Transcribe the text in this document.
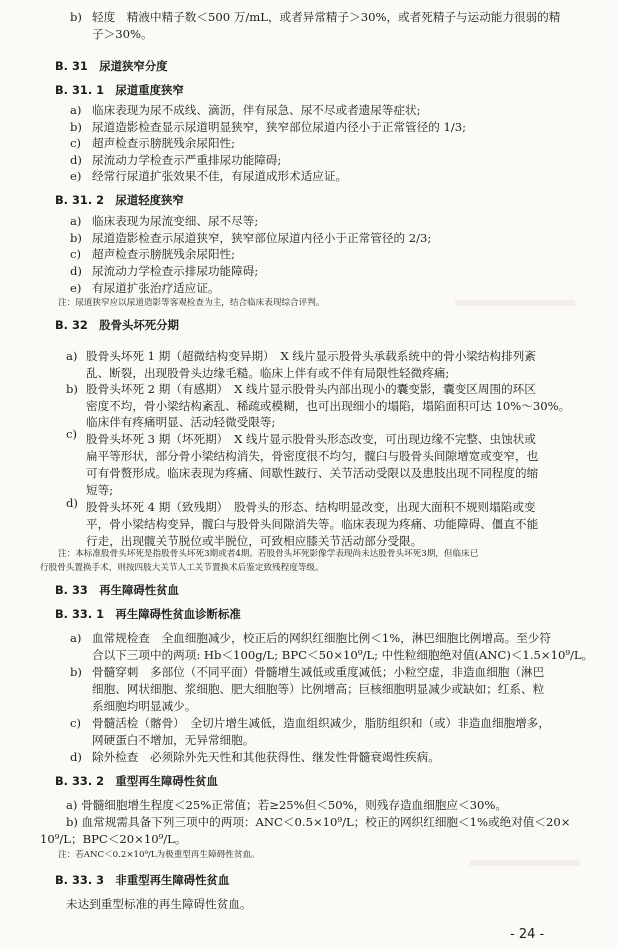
轻度　精液中精子数＜500 万/mL，或者异常精子＞30%，或者死精子与运动能力很弱的精
子＞30%。
B. 31　尿道狭窄分度
B. 31. 1　尿道重度狭窄
临床表现为尿不成线、滴沥，伴有尿急、尿不尽或者遗尿等症状;
尿道造影检查显示尿道明显狭窄，狭窄部位尿道内径小于正常管径的 1/3;
超声检查示膀胱残余尿阳性;
尿流动力学检查示严重排尿功能障碍;
经常行尿道扩张效果不佳，有尿道成形术适应证。
B. 31. 2　尿道轻度狭窄
临床表现为尿流变细、尿不尽等;
尿道造影检查示尿道狭窄，狭窄部位尿道内径小于正常管径的 2/3;
超声检查示膀胱残余尿阳性;
尿流动力学检查示排尿功能障碍;
有尿道扩张治疗适应证。
注：尿道狭窄应以尿道造影等客观检查为主，结合临床表现综合评判。
B. 32　股骨头坏死分期
股骨头坏死 1 期（超微结构变异期）　X 线片显示股骨头承载系统中的骨小梁结构排列紊
乱、断裂，出现股骨头边缘毛糙。临床上伴有或不伴有局限性轻微疼痛;
股骨头坏死 2 期（有感期）　X 线片显示股骨头内部出现小的囊变影，囊变区周围的环区
密度不均，骨小梁结构紊乱、稀疏或模糊，也可出现细小的塌陷，塌陷面积可达 10%～30%。
临床伴有疼痛明显、活动轻微受限等;
股骨头坏死 3 期（坏死期）　X 线片显示股骨头形态改变，可出现边缘不完整、虫蚀状或
扁平等形状，部分骨小梁结构消失，骨密度很不均匀，髋臼与股骨头间隙增宽或变窄，也
可有骨赘形成。临床表现为疼痛、间歇性跛行、关节活动受限以及患肢出现不同程度的缩
短等;
股骨头坏死 4 期（致残期）　股骨头的形态、结构明显改变，出现大面积不规则塌陷或变
平，骨小梁结构变异，髋臼与股骨头间隙消失等。临床表现为疼痛、功能障碍、僵直不能
行走，出现髋关节脱位或半脱位，可致相应膝关节活动部分受限。
注：本标准股骨头坏死是指股骨头坏死3期或者4期。若股骨头坏死影像学表现尚未达股骨头坏死3期，但临床已
行股骨头置换手术，则按四肢大关节人工关节置换术后鉴定致残程度等级。
B. 33　再生障碍性贫血
B. 33. 1　再生障碍性贫血诊断标准
血常规检查　全血细胞减少，校正后的网织红细胞比例＜1%，淋巴细胞比例增高。至少符
合以下三项中的两项: Hb＜100g/L; BPC＜50×10⁹/L; 中性粒细胞绝对值(ANC)＜1.5×10⁹/L。
骨髓穿刺　多部位（不同平面）骨髓增生减低或重度减低；小粒空虚，非造血细胞（淋巴
细胞、网状细胞、浆细胞、肥大细胞等）比例增高；巨核细胞明显减少或缺如；红系、粒
系细胞均明显减少。
骨髓活检（髂骨）　全切片增生减低，造血组织减少，脂肪组织和（或）非造血细胞增多，
网硬蛋白不增加，无异常细胞。
除外检查　必须除外先天性和其他获得性、继发性骨髓衰竭性疾病。
B. 33. 2　重型再生障碍性贫血
a) 骨髓细胞增生程度＜25%正常值；若≥25%但＜50%，则残存造血细胞应＜30%。
b) 血常规需具备下列三项中的两项：ANC＜0.5×10⁹/L；校正的网织红细胞＜1%或绝对值＜20×
10⁹/L；BPC＜20×10⁹/L。
注：若ANC＜0.2×10⁹/L为极重型再生障碍性贫血。
B. 33. 3　非重型再生障碍性贫血
未达到重型标准的再生障碍性贫血。
b)
a)
b)
c)
d)
e)
a)
b)
c)
d)
e)
a)
b)
c)
d)
a)
b)
c)
d)
- 24 -
